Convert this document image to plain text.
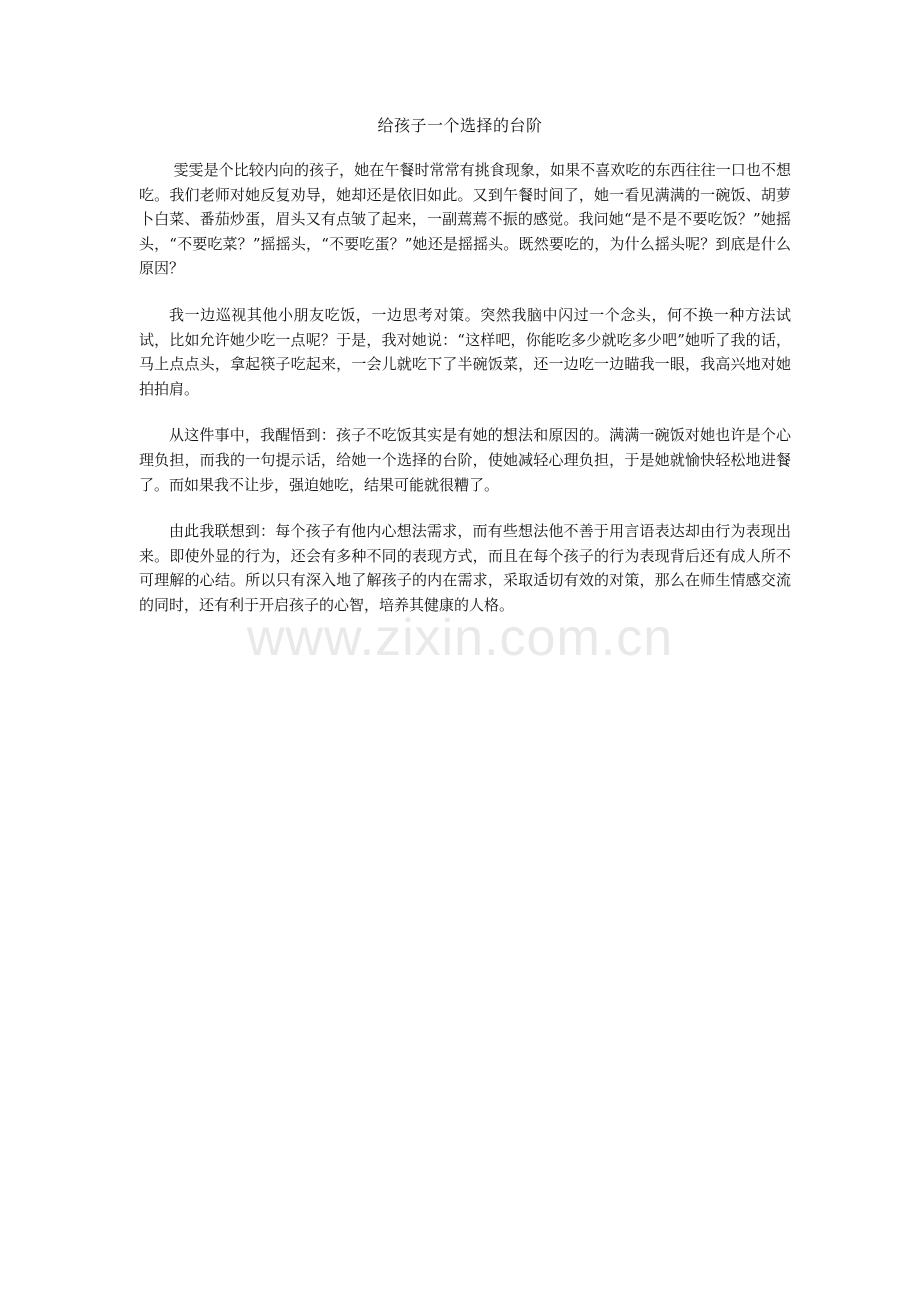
www.zixin.com.cn
给孩子一个选择的台阶

雯雯是个比较内向的孩子，她在午餐时常常有挑食现象，如果不喜欢吃的东西往往一口也不想吃。我们老师对她反复劝导，她却还是依旧如此。又到午餐时间了，她一看见满满的一碗饭、胡萝卜白菜、番茄炒蛋，眉头又有点皱了起来，一副蔫蔫不振的感觉。我问她“是不是不要吃饭？”她摇头，“不要吃菜？”摇摇头，“不要吃蛋？”她还是摇摇头。既然要吃的，为什么摇头呢？到底是什么原因？

我一边巡视其他小朋友吃饭，一边思考对策。突然我脑中闪过一个念头，何不换一种方法试试，比如允许她少吃一点呢？于是，我对她说：“这样吧，你能吃多少就吃多少吧”她听了我的话，马上点点头，拿起筷子吃起来，一会儿就吃下了半碗饭菜，还一边吃一边瞄我一眼，我高兴地对她拍拍肩。

从这件事中，我醒悟到：孩子不吃饭其实是有她的想法和原因的。满满一碗饭对她也许是个心理负担，而我的一句提示话，给她一个选择的台阶，使她减轻心理负担，于是她就愉快轻松地进餐了。而如果我不让步，强迫她吃，结果可能就很糟了。

由此我联想到：每个孩子有他内心想法需求，而有些想法他不善于用言语表达却由行为表现出来。即使外显的行为，还会有多种不同的表现方式，而且在每个孩子的行为表现背后还有成人所不可理解的心结。所以只有深入地了解孩子的内在需求，采取适切有效的对策，那么在师生情感交流的同时，还有利于开启孩子的心智，培养其健康的人格。
